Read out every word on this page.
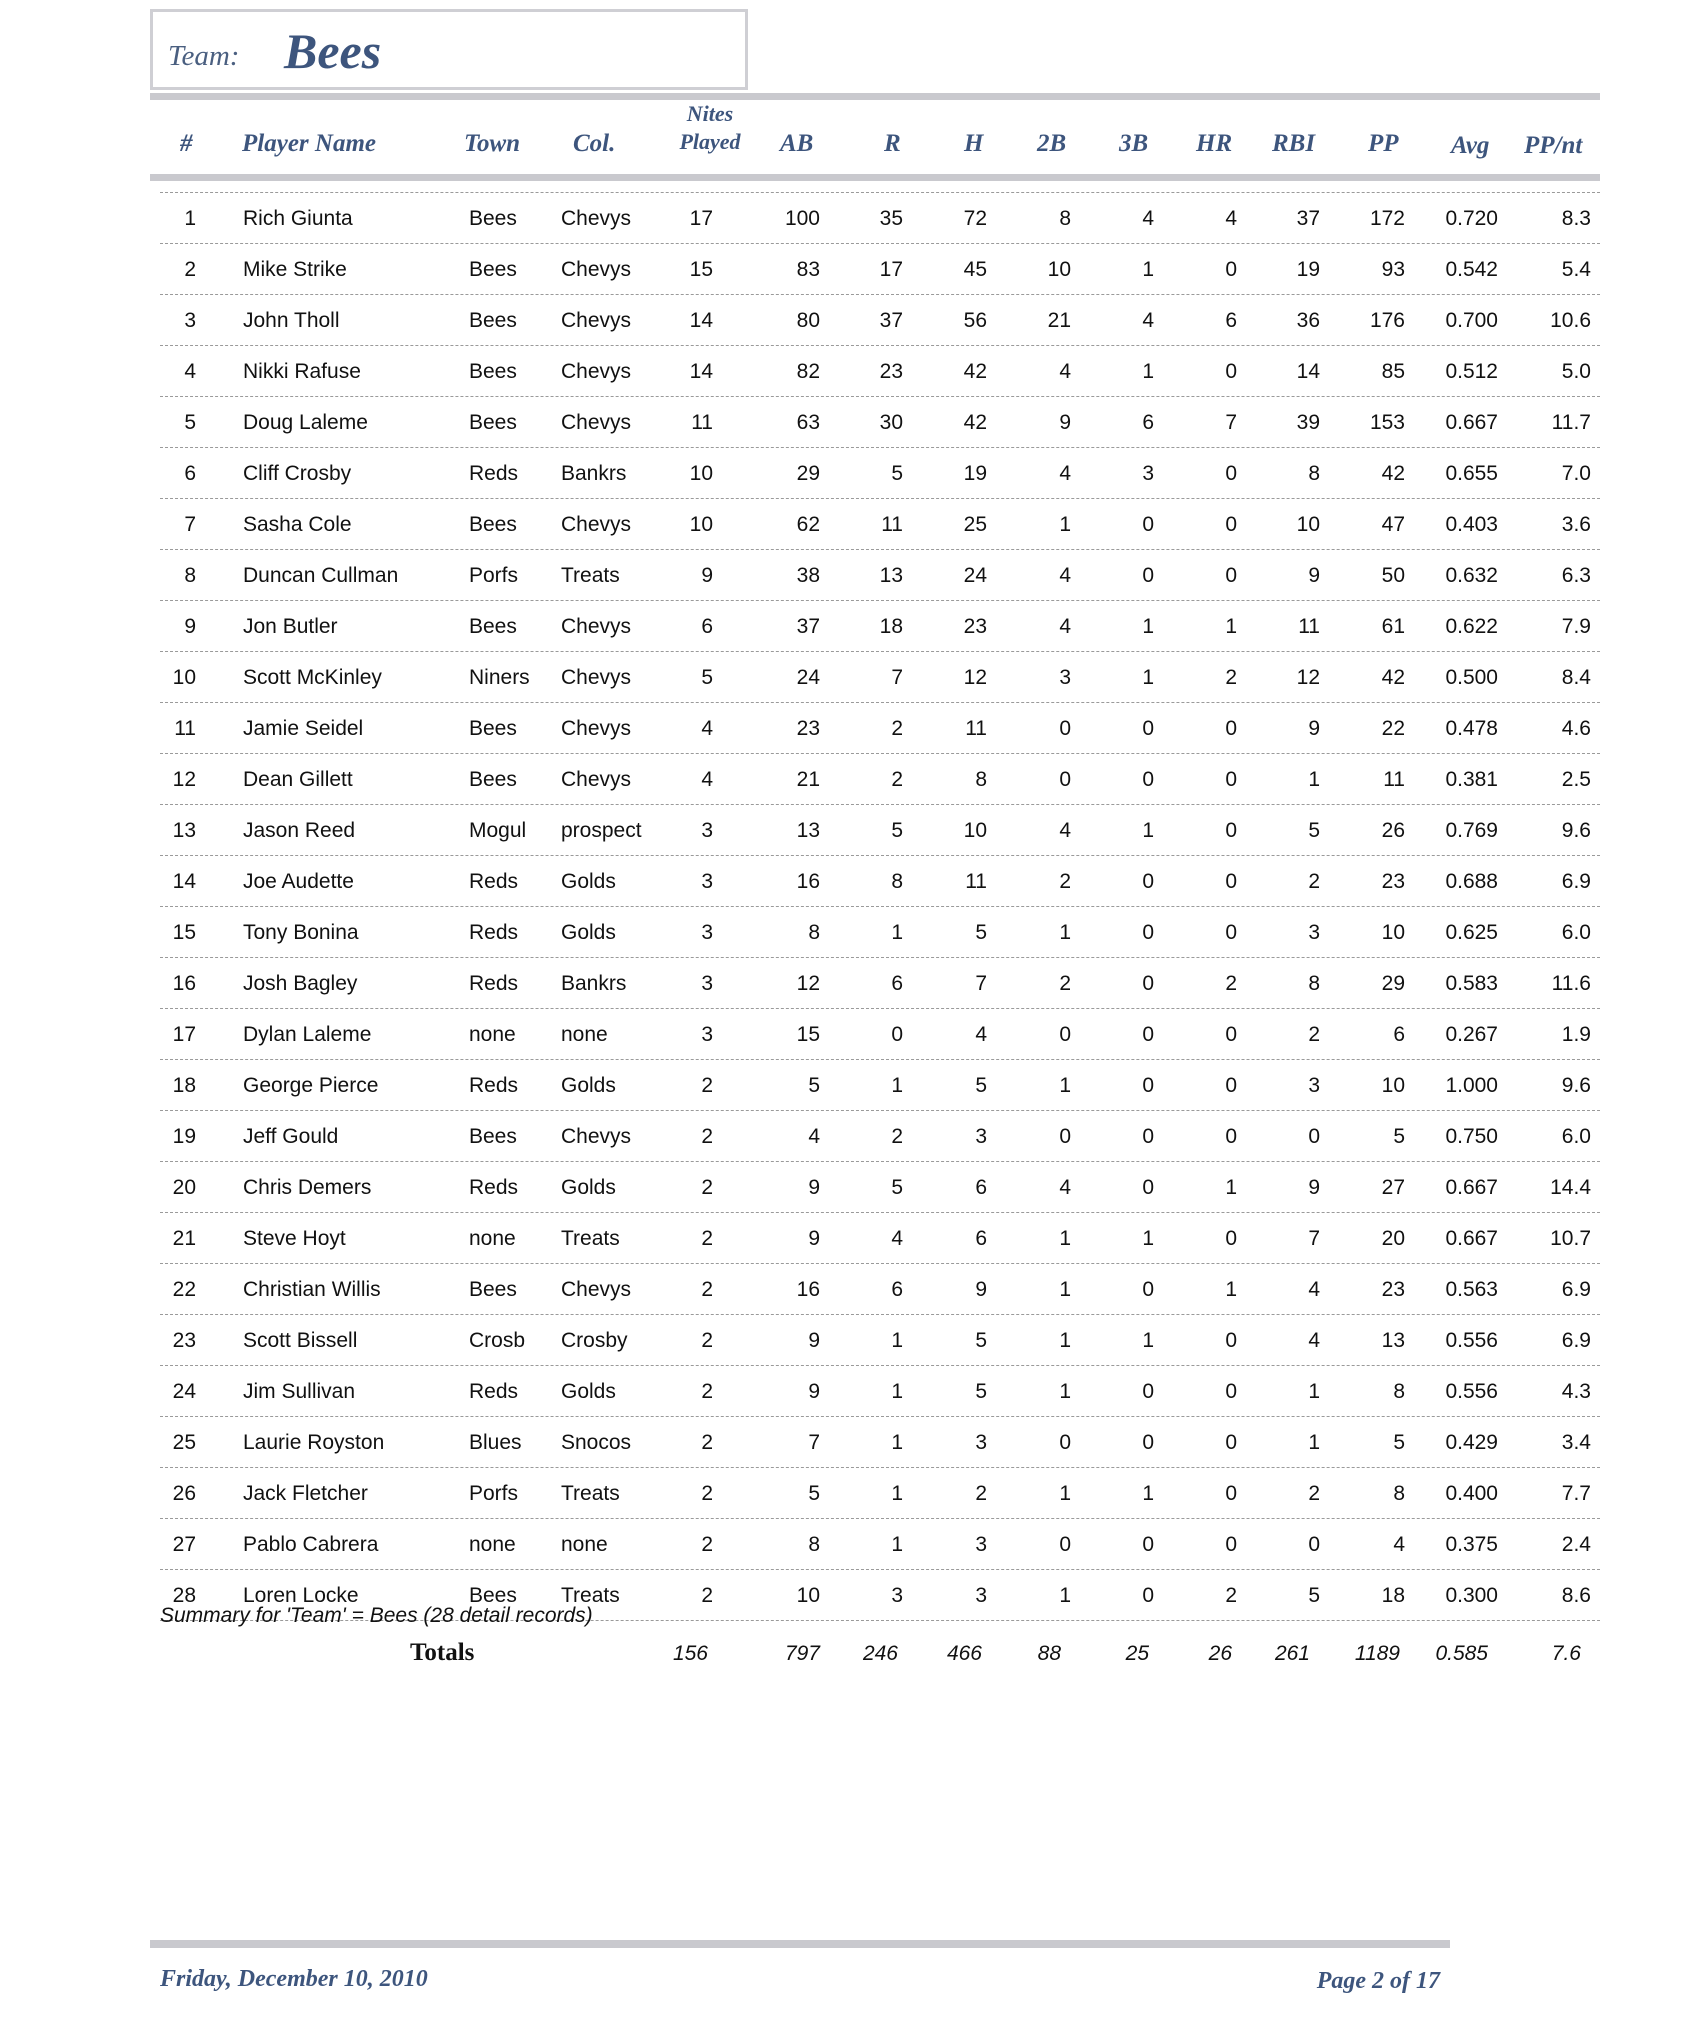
Team: Bees
# Player Name	Town Col.
Nites
Played	AB	R	H 2B 3B HR RBI PP Avg PP/nt
1 Rich Giunta	Bees Chevys	17	100	35	72	8	4	4	37 172 0.720	8.3
2 Mike Strike	Bees Chevys	15	83	17	45	10	1	0	19	93 0.542	5.4
3 John Tholl	Bees Chevys	14	80	37	56	21	4	6	36 176 0.700 10.6
4 Nikki Rafuse	Bees Chevys	14	82	23	42	4	1	0	14	85 0.512	5.0
5 Doug Laleme	Bees Chevys	11	63	30	42	9	6	7	39 153 0.667	11.7
6 Cliff Crosby	Reds Bankrs	10	29	5	19	4	3	0	8	42 0.655	7.0
7 Sasha Cole	Bees Chevys	10	62	11	25	1	0	0	10	47 0.403	3.6
8 Duncan Cullman	Porfs Treats	9	38	13	24	4	0	0	9	50 0.632	6.3
9 Jon Butler	Bees Chevys	6	37	18	23	4	1	1	11	61 0.622	7.9
10 Scott McKinley	Niners Chevys	5	24	7	12	3	1	2	12	42 0.500	8.4
11 Jamie Seidel	Bees Chevys	4	23	2	11	0	0	0	9	22 0.478	4.6
12 Dean Gillett	Bees Chevys	4	21	2	8	0	0	0	1	11 0.381	2.5
13 Jason Reed	Mogul prospect	3	13	5	10	4	1	0	5	26 0.769	9.6
14 Joe Audette	Reds Golds	3	16	8	11	2	0	0	2	23 0.688	6.9
15 Tony Bonina	Reds Golds	3	8	1	5	1	0	0	3	10 0.625	6.0
16 Josh Bagley	Reds Bankrs	3	12	6	7	2	0	2	8	29 0.583	11.6
17 Dylan Laleme	none none	3	15	0	4	0	0	0	2	6 0.267	1.9
18 George Pierce	Reds Golds	2	5	1	5	1	0	0	3	10 1.000	9.6
19 Jeff Gould	Bees Chevys	2	4	2	3	0	0	0	0	5 0.750	6.0
20 Chris Demers	Reds Golds	2	9	5	6	4	0	1	9	27 0.667 14.4
21 Steve Hoyt	none Treats	2	9	4	6	1	1	0	7	20 0.667 10.7
22 Christian Willis	Bees Chevys	2	16	6	9	1	0	1	4	23 0.563	6.9
23 Scott Bissell	Crosb Crosby	2	9	1	5	1	1	0	4	13 0.556	6.9
24 Jim Sullivan	Reds Golds	2	9	1	5	1	0	0	1	8 0.556	4.3
25 Laurie Royston	Blues Snocos	2	7	1	3	0	0	0	1	5 0.429	3.4
26 Jack Fletcher	Porfs Treats	2	5	1	2	1	1	0	2	8 0.400	7.7
27 Pablo Cabrera	none none	2	8	1	3	0	0	0	0	4 0.375	2.4
28 Loren Locke	Bees Treats	2	10	3	3	1	0	2	5	18 0.300	8.6
Summary for 'Team' = Bees (28 detail records)
Totals	156	797 246 466	88	25	26 261 1189 0.585	7.6
Friday, December 10, 2010	Page 2 of 17
